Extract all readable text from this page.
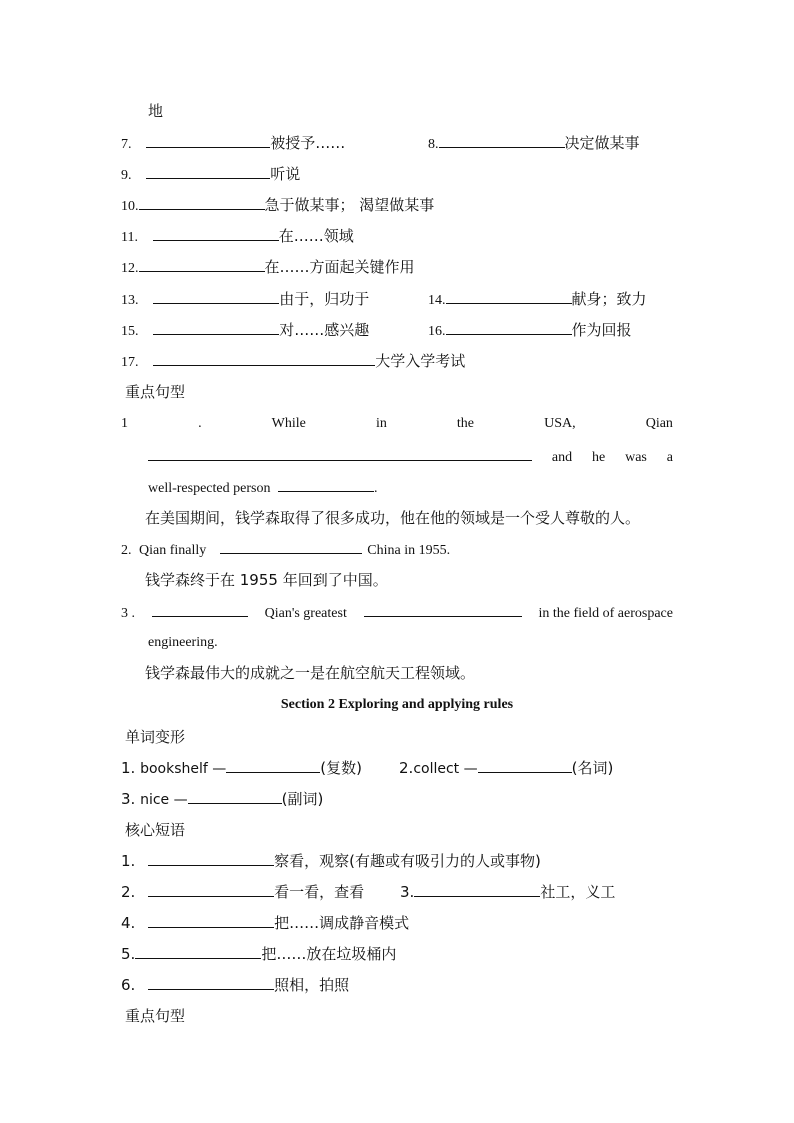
地
7.	被授予……	8.	决定做某事
9.	听说
10.	急于做某事； 渴望做某事
11.	在……领域
12.	在……方面起关键作用
13.	由于，归功于	14.	献身；致力
15.	对……感兴趣	16.	作为回报
17.	大学入学考试
重点句型
1	.	While	in	the	USA,	Qian
and he was a
well-respected person	.
在美国期间，钱学森取得了很多成功，他在他的领域是一个受人尊敬的人。
2. Qian finally	China in 1955.
钱学森终于在 1955 年回到了中国。
3 .	Qian's greatest	in the field of aerospace
engineering.
钱学森最伟大的成就之一是在航空航天工程领域。
Section 2 Exploring and applying rules
单词变形
1. bookshelf —	(复数) 2.collect —	(名词)
3. nice —	(副词)
核心短语
1.	察看，观察(有趣或有吸引力的人或事物)
2.	看一看，查看 3.	社工，义工
4.	把……调成静音模式
5.	把……放在垃圾桶内
6.	照相，拍照
重点句型
